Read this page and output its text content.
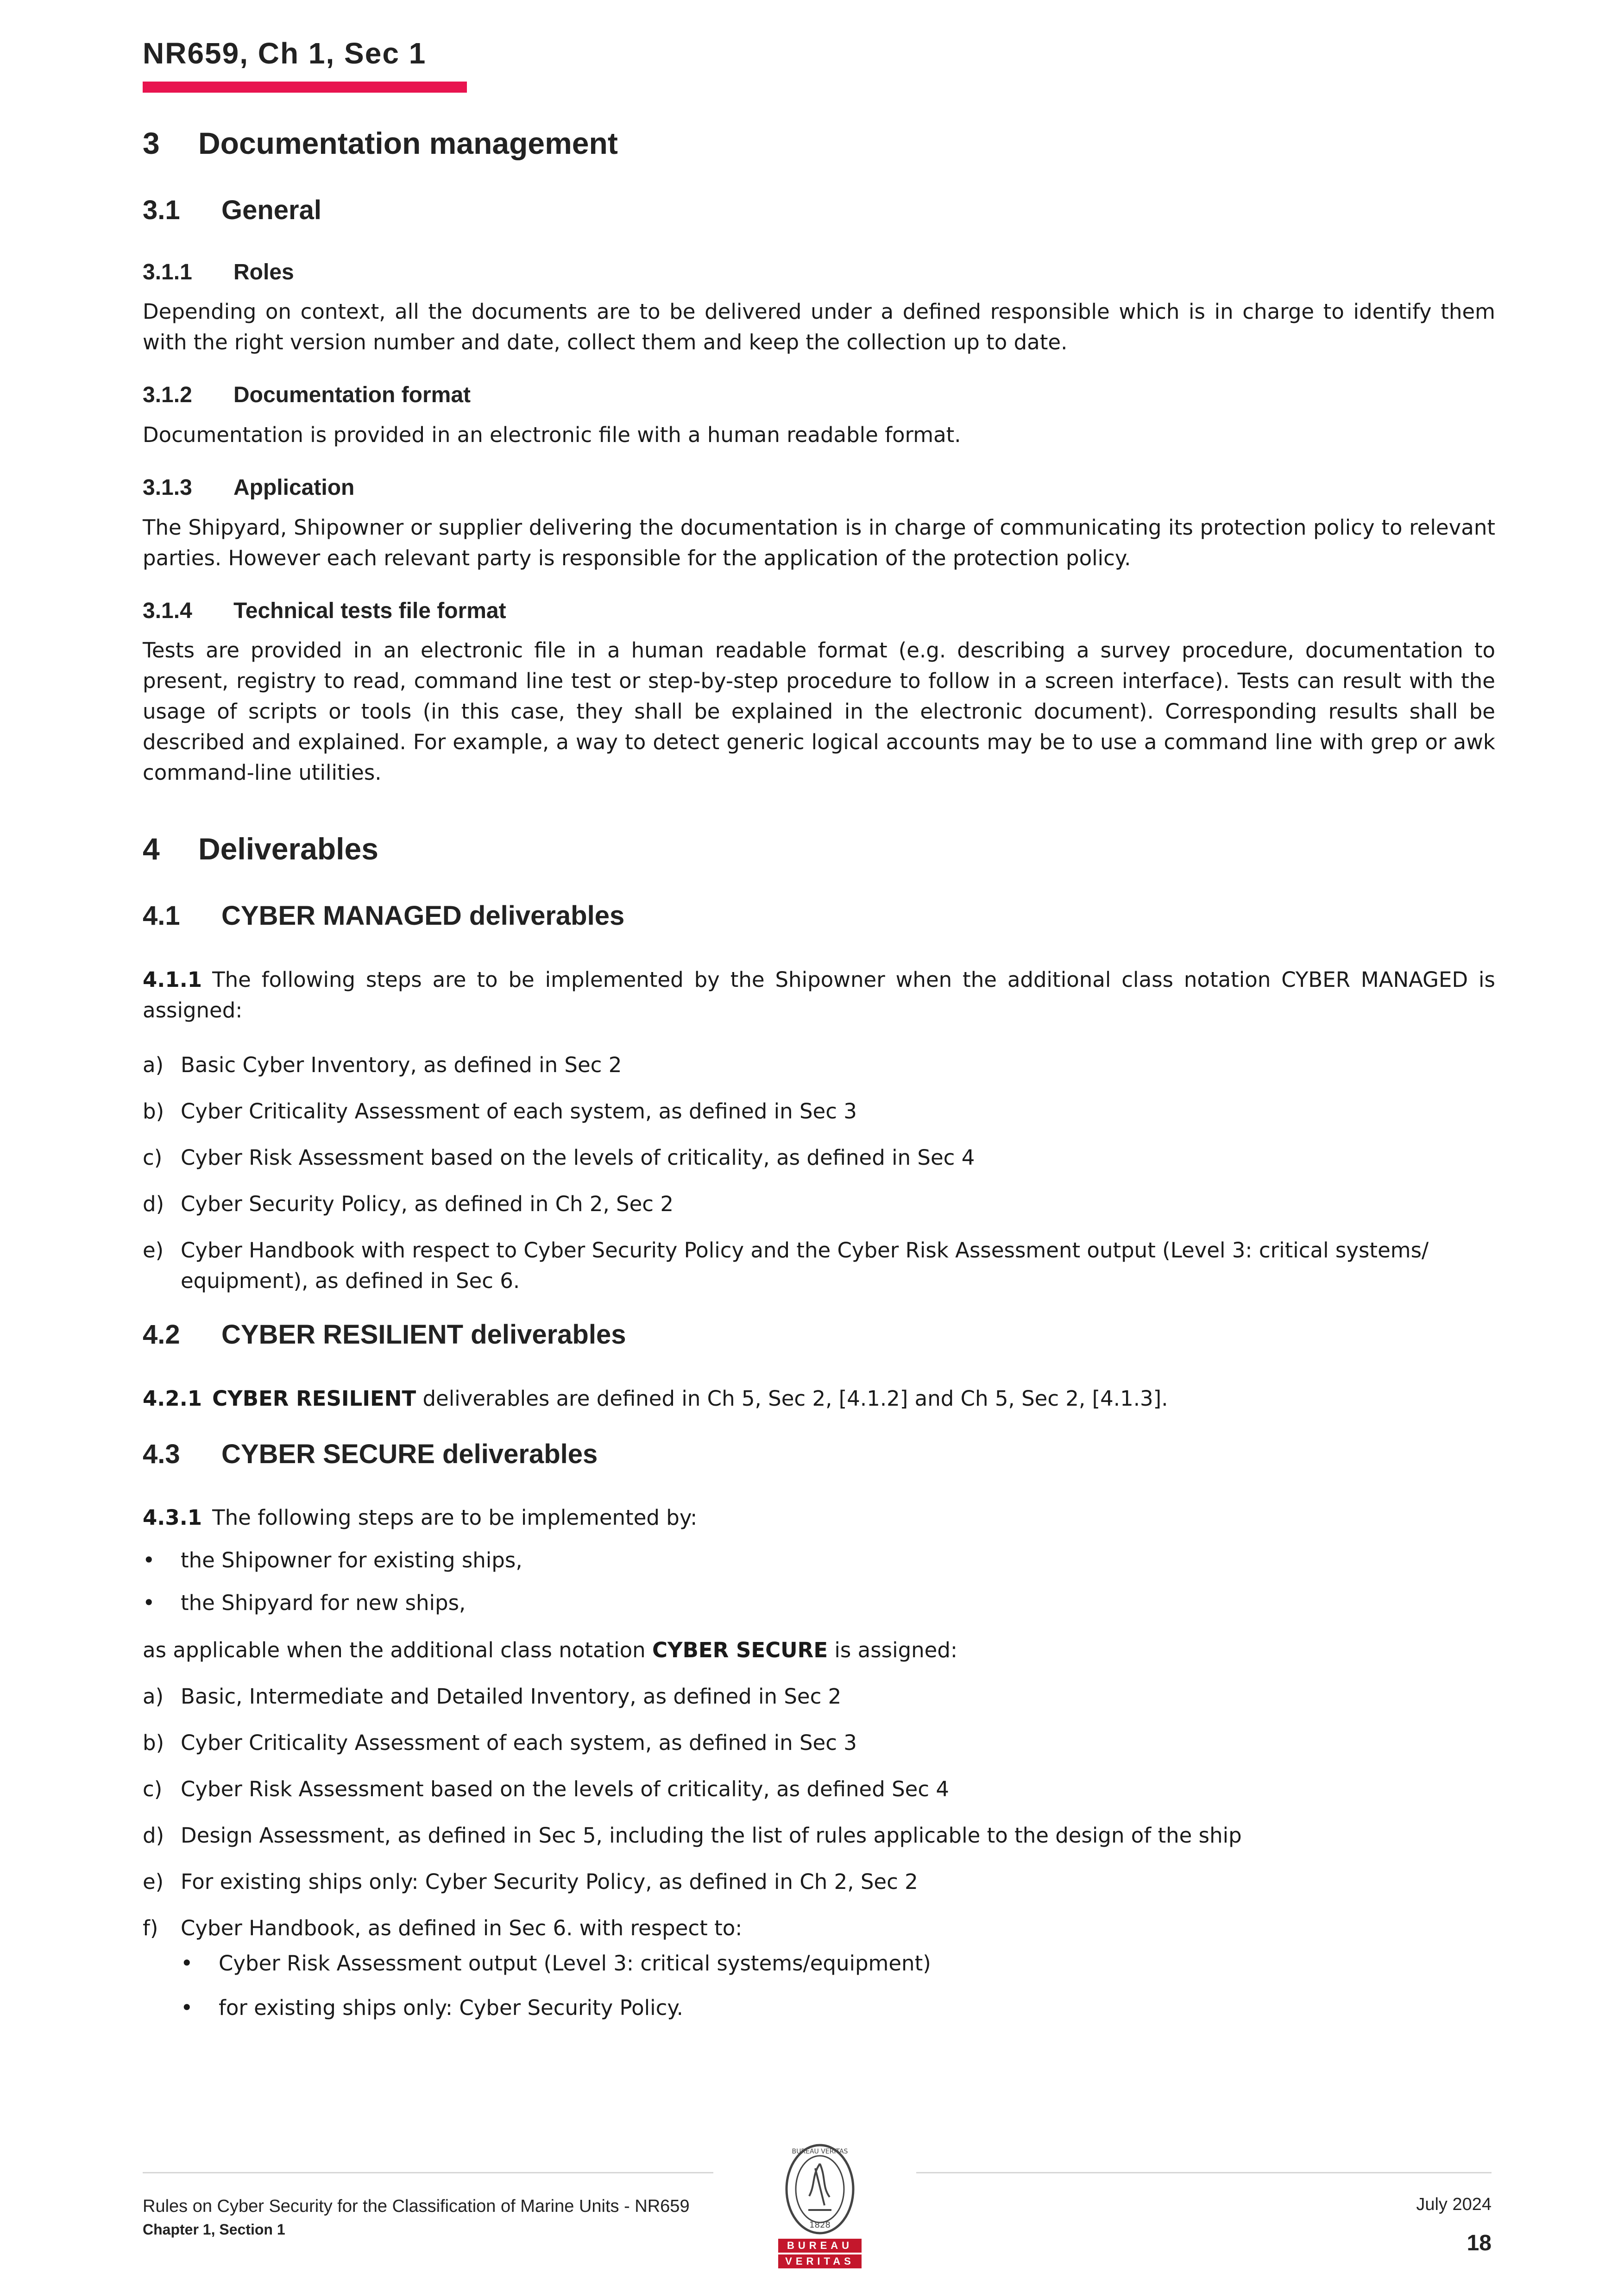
NR659, Ch 1, Sec 1
3 Documentation management
3.1 General
3.1.1 Roles

Depending on context, all the documents are to be delivered under a defined responsible which is in charge to identify them with the right version number and date, collect them and keep the collection up to date.

3.1.2 Documentation format

Documentation is provided in an electronic file with a human readable format.

3.1.3 Application

The Shipyard, Shipowner or supplier delivering the documentation is in charge of communicating its protection policy to relevant parties. However each relevant party is responsible for the application of the protection policy.

3.1.4 Technical tests file format

Tests are provided in an electronic file in a human readable format (e.g. describing a survey procedure, documentation to present, registry to read, command line test or step-by-step procedure to follow in a screen interface). Tests can result with the usage of scripts or tools (in this case, they shall be explained in the electronic document). Corresponding results shall be described and explained. For example, a way to detect generic logical accounts may be to use a command line with grep or awk command-line utilities.

4 Deliverables
4.1 CYBER MANAGED deliverables

4.1.1 The following steps are to be implemented by the Shipowner when the additional class notation CYBER MANAGED is assigned:

a) Basic Cyber Inventory, as defined in Sec 2
b) Cyber Criticality Assessment of each system, as defined in Sec 3
c) Cyber Risk Assessment based on the levels of criticality, as defined in Sec 4
d) Cyber Security Policy, as defined in Ch 2, Sec 2
e) Cyber Handbook with respect to Cyber Security Policy and the Cyber Risk Assessment output (Level 3: critical systems/ equipment), as defined in Sec 6.
4.2 CYBER RESILIENT deliverables

4.2.1 CYBER RESILIENT deliverables are defined in Ch 5, Sec 2, [4.1.2] and Ch 5, Sec 2, [4.1.3].

4.3 CYBER SECURE deliverables

4.3.1 The following steps are to be implemented by:

• the Shipowner for existing ships,
• the Shipyard for new ships,

as applicable when the additional class notation CYBER SECURE is assigned:

a) Basic, Intermediate and Detailed Inventory, as defined in Sec 2
b) Cyber Criticality Assessment of each system, as defined in Sec 3
c) Cyber Risk Assessment based on the levels of criticality, as defined Sec 4
d) Design Assessment, as defined in Sec 5, including the list of rules applicable to the design of the ship
e) For existing ships only: Cyber Security Policy, as defined in Ch 2, Sec 2
f) Cyber Handbook, as defined in Sec 6. with respect to:
• Cyber Risk Assessment output (Level 3: critical systems/equipment)
• for existing ships only: Cyber Security Policy.
Rules on Cyber Security for the Classification of Marine Units - NR659
Chapter 1, Section 1
BUREAU VERITAS
1828
BUREAU
VERITAS
July 2024
18
